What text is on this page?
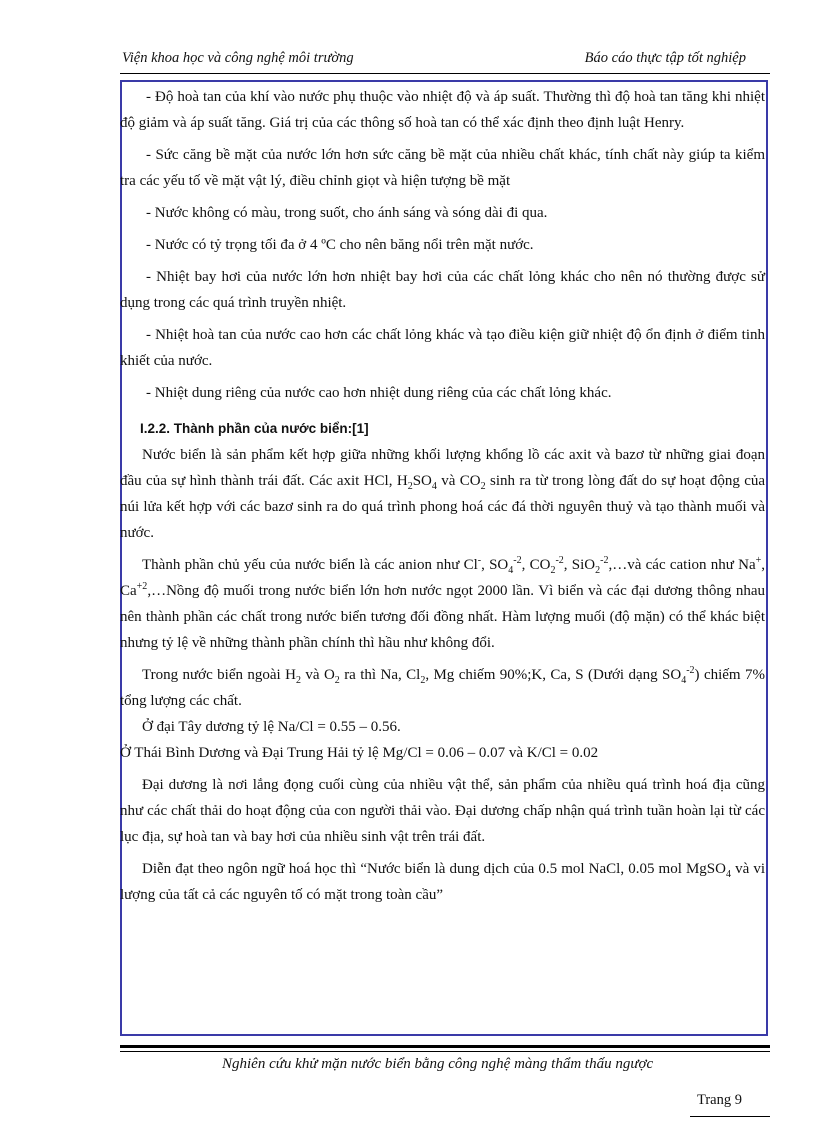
Viện khoa học và công nghệ môi trường	Báo cáo thực tập tốt nghiệp

- Độ hoà tan của khí vào nước phụ thuộc vào nhiệt độ và áp suất. Thường thì độ hoà tan tăng khi nhiệt độ giảm và áp suất tăng. Giá trị của các thông số hoà tan có thể xác định theo định luật Henry.

- Sức căng bề mặt của nước lớn hơn sức căng bề mặt của nhiều chất khác, tính chất này giúp ta kiểm tra các yếu tố về mặt vật lý, điều chỉnh giọt và hiện tượng bề mặt

- Nước không có màu, trong suốt, cho ánh sáng và sóng dài đi qua.

- Nước có tỷ trọng tối đa ở 4 ºC cho nên băng nổi trên mặt nước.

- Nhiệt bay hơi của nước lớn hơn nhiệt bay hơi của các chất lỏng khác cho nên nó thường được sử dụng trong các quá trình truyền nhiệt.

- Nhiệt hoà tan của nước cao hơn các chất lỏng khác và tạo điều kiện giữ nhiệt độ ổn định ở điểm tinh khiết của nước.

- Nhiệt dung riêng của nước cao hơn nhiệt dung riêng của các chất lỏng khác.

I.2.2. Thành phần của nước biển:[1]

Nước biển là sản phẩm kết hợp giữa những khối lượng khổng lồ các axit và bazơ từ những giai đoạn đầu của sự hình thành trái đất. Các axit HCl, $H_2SO_4$ và $CO_2$ sinh ra từ trong lòng đất do sự hoạt động của núi lửa kết hợp với các bazơ sinh ra do quá trình phong hoá các đá thời nguyên thuỷ và tạo thành muối và nước.

Thành phần chủ yếu của nước biển là các anion như Cl-, $SO_4^{-2}$, $CO_2^{-2}$, SiO$_2^{-2}$,…và các cation như Na+, $Ca^{+2},\dots Nồng$ độ muối trong nước biển lớn hơn nước ngọt 2000 lần. Vì biển và các đại dương thông nhau nên thành phần các chất trong nước biển tương đối đồng nhất. Hàm lượng muối (độ mặn) có thể khác biệt nhưng tỷ lệ về những thành phần chính thì hầu như không đổi.

Trong nước biển ngoài $H_2$ và $O_2$ ra thì Na, $Cl_2$, Mg chiếm 90%;K, Ca, S (Dưới dạng $SO_4^{-2}$) chiếm 7% tổng lượng các chất.

Ở đại Tây dương tỷ lệ Na/Cl = 0.55 – 0.56.

Ở Thái Bình Dương và Đại Trung Hải tỷ lệ Mg/Cl = 0.06 – 0.07 và K/Cl = 0.02

Đại dương là nơi lắng đọng cuối cùng của nhiều vật thể, sản phẩm của nhiều quá trình hoá địa cũng như các chất thải do hoạt động của con người thải vào. Đại dương chấp nhận quá trình tuần hoàn lại từ các lục địa, sự hoà tan và bay hơi của nhiều sinh vật trên trái đất.

Diễn đạt theo ngôn ngữ hoá học thì “Nước biển là dung dịch của 0.5 mol NaCl, 0.05 mol MgSO$_4$ và vi lượng của tất cả các nguyên tố có mặt trong toàn cầu”

Nghiên cứu khử mặn nước biển bằng công nghệ màng thẩm thấu ngược
Trang 9
